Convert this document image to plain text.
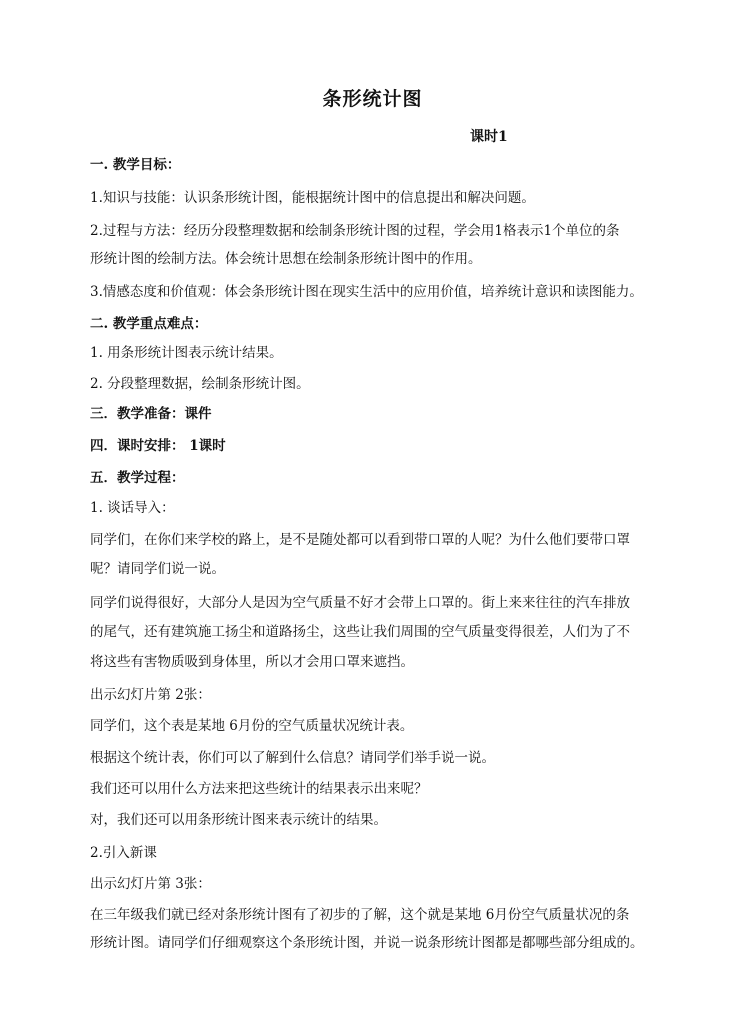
条形统计图
课时1
一. 教学目标：
1.知识与技能：认识条形统计图，能根据统计图中的信息提出和解决问题。
2.过程与方法：经历分段整理数据和绘制条形统计图的过程，学会用1格表示1个单位的条
形统计图的绘制方法。体会统计思想在绘制条形统计图中的作用。
3.情感态度和价值观：体会条形统计图在现实生活中的应用价值，培养统计意识和读图能力。
二. 教学重点难点：
1. 用条形统计图表示统计结果。
2. 分段整理数据，绘制条形统计图。
三．教学准备：课件
四．课时安排： 1课时
五．教学过程：
1. 谈话导入：
同学们，在你们来学校的路上，是不是随处都可以看到带口罩的人呢？为什么他们要带口罩
呢？请同学们说一说。
同学们说得很好，大部分人是因为空气质量不好才会带上口罩的。街上来来往往的汽车排放
的尾气，还有建筑施工扬尘和道路扬尘，这些让我们周围的空气质量变得很差，人们为了不
将这些有害物质吸到身体里，所以才会用口罩来遮挡。
出示幻灯片第 2张：
同学们，这个表是某地 6月份的空气质量状况统计表。
根据这个统计表，你们可以了解到什么信息？请同学们举手说一说。
我们还可以用什么方法来把这些统计的结果表示出来呢？
对，我们还可以用条形统计图来表示统计的结果。
2.引入新课
出示幻灯片第 3张：
在三年级我们就已经对条形统计图有了初步的了解，这个就是某地 6月份空气质量状况的条
形统计图。请同学们仔细观察这个条形统计图，并说一说条形统计图都是都哪些部分组成的。
